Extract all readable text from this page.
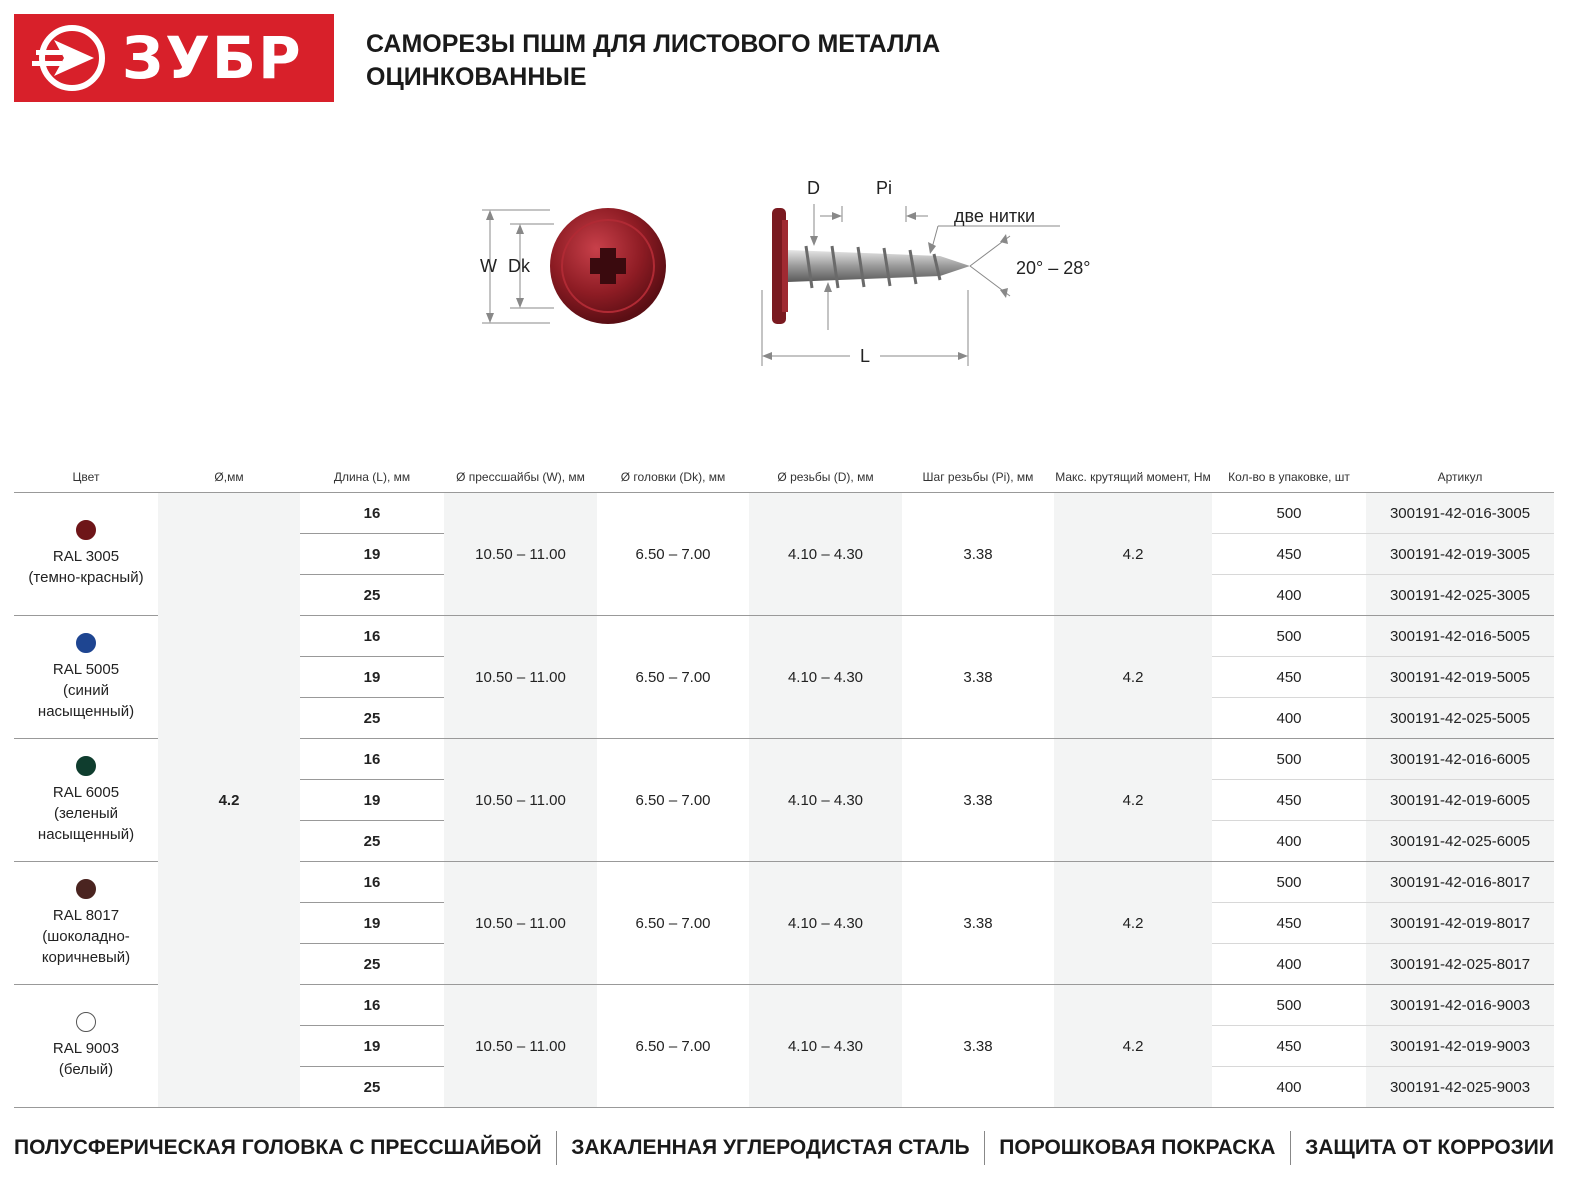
ЗУБР	САМОРЕЗЫ ПШМ ДЛЯ ЛИСТОВОГО МЕТАЛЛА
ОЦИНКОВАННЫЕ
W Dk
D	Pi
две нитки
20° – 28°
L
Цвет	Ø,мм	Длина (L), мм	Ø прессшайбы (W), мм	Ø головки (Dk), мм	Ø резьбы (D), мм	Шаг резьбы (Pi), мм	Макс. крутящий момент, Нм	Кол-во в упаковке, шт	Артикул

RAL 3005
(темно-красный)	4.2	16	10.50 – 11.00	6.50 – 7.00	4.10 – 4.30	3.38	4.2	500	300191-42-016-3005
		19						450	300191-42-019-3005
		25						400	300191-42-025-3005

RAL 5005
(синий насыщенный)		16	10.50 – 11.00	6.50 – 7.00	4.10 – 4.30	3.38	4.2	500	300191-42-016-5005
		19						450	300191-42-019-5005
		25						400	300191-42-025-5005

RAL 6005
(зеленый насыщенный)		16	10.50 – 11.00	6.50 – 7.00	4.10 – 4.30	3.38	4.2	500	300191-42-016-6005
		19						450	300191-42-019-6005
		25						400	300191-42-025-6005

RAL 8017
(шоколадно-коричневый)		16	10.50 – 11.00	6.50 – 7.00	4.10 – 4.30	3.38	4.2	500	300191-42-016-8017
		19						450	300191-42-019-8017
		25						400	300191-42-025-8017

RAL 9003
(белый)		16	10.50 – 11.00	6.50 – 7.00	4.10 – 4.30	3.38	4.2	500	300191-42-016-9003
		19						450	300191-42-019-9003
		25						400	300191-42-025-9003
ПОЛУСФЕРИЧЕСКАЯ ГОЛОВКА С ПРЕССШАЙБОЙ ЗАКАЛЕННАЯ УГЛЕРОДИСТАЯ СТАЛЬ ПОРОШКОВАЯ ПОКРАСКА ЗАЩИТА ОТ КОРРОЗИИ
